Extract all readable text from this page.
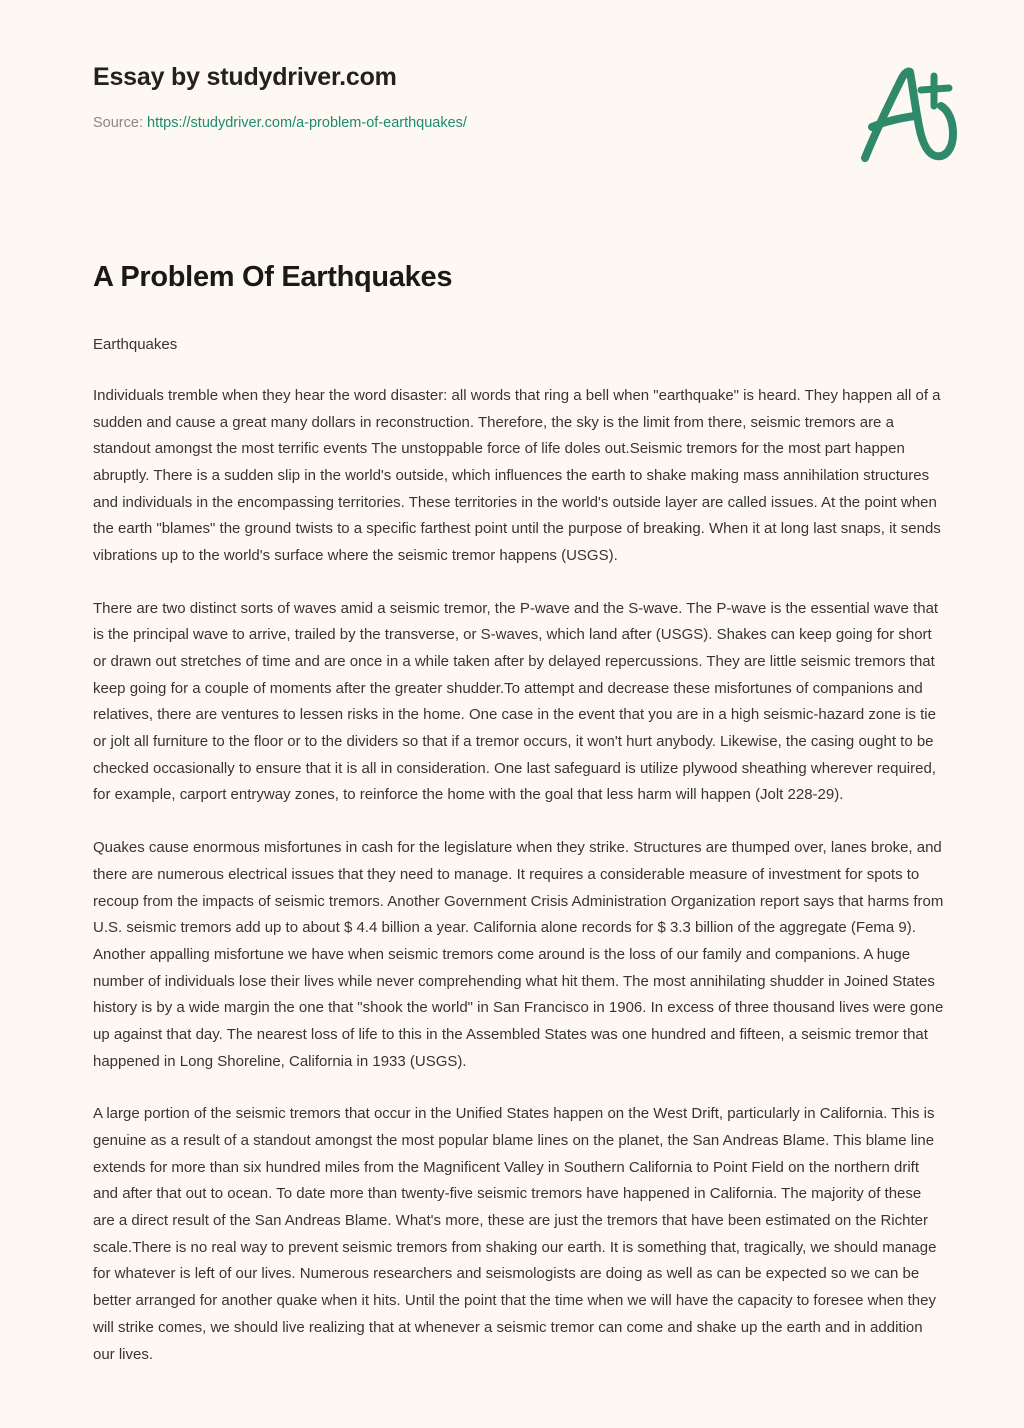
Essay by studydriver.com
Source: https://studydriver.com/a-problem-of-earthquakes/
A Problem Of Earthquakes

Earthquakes

Individuals tremble when they hear the word disaster: all words that ring a bell when "earthquake" is heard. They happen all of a sudden and cause a great many dollars in reconstruction. Therefore, the sky is the limit from there, seismic tremors are a standout amongst the most terrific events The unstoppable force of life doles out.Seismic tremors for the most part happen abruptly. There is a sudden slip in the world's outside, which influences the earth to shake making mass annihilation structures and individuals in the encompassing territories. These territories in the world's outside layer are called issues. At the point when the earth "blames" the ground twists to a specific farthest point until the purpose of breaking. When it at long last snaps, it sends vibrations up to the world's surface where the seismic tremor happens (USGS).

There are two distinct sorts of waves amid a seismic tremor, the P-wave and the S-wave. The P-wave is the essential wave that is the principal wave to arrive, trailed by the transverse, or S-waves, which land after (USGS). Shakes can keep going for short or drawn out stretches of time and are once in a while taken after by delayed repercussions. They are little seismic tremors that keep going for a couple of moments after the greater shudder.To attempt and decrease these misfortunes of companions and relatives, there are ventures to lessen risks in the home. One case in the event that you are in a high seismic-hazard zone is tie or jolt all furniture to the floor or to the dividers so that if a tremor occurs, it won't hurt anybody. Likewise, the casing ought to be checked occasionally to ensure that it is all in consideration. One last safeguard is utilize plywood sheathing wherever required, for example, carport entryway zones, to reinforce the home with the goal that less harm will happen (Jolt 228-29).

Quakes cause enormous misfortunes in cash for the legislature when they strike. Structures are thumped over, lanes broke, and there are numerous electrical issues that they need to manage. It requires a considerable measure of investment for spots to recoup from the impacts of seismic tremors. Another Government Crisis Administration Organization report says that harms from U.S. seismic tremors add up to about $ 4.4 billion a year. California alone records for $ 3.3 billion of the aggregate (Fema 9). Another appalling misfortune we have when seismic tremors come around is the loss of our family and companions. A huge number of individuals lose their lives while never comprehending what hit them. The most annihilating shudder in Joined States history is by a wide margin the one that "shook the world" in San Francisco in 1906. In excess of three thousand lives were gone up against that day. The nearest loss of life to this in the Assembled States was one hundred and fifteen, a seismic tremor that happened in Long Shoreline, California in 1933 (USGS).

A large portion of the seismic tremors that occur in the Unified States happen on the West Drift, particularly in California. This is genuine as a result of a standout amongst the most popular blame lines on the planet, the San Andreas Blame. This blame line extends for more than six hundred miles from the Magnificent Valley in Southern California to Point Field on the northern drift and after that out to ocean. To date more than twenty-five seismic tremors have happened in California. The majority of these are a direct result of the San Andreas Blame. What's more, these are just the tremors that have been estimated on the Richter scale.There is no real way to prevent seismic tremors from shaking our earth. It is something that, tragically, we should manage for whatever is left of our lives. Numerous researchers and seismologists are doing as well as can be expected so we can be better arranged for another quake when it hits. Until the point that the time when we will have the capacity to foresee when they will strike comes, we should live realizing that at whenever a seismic tremor can come and shake up the earth and in addition our lives.
